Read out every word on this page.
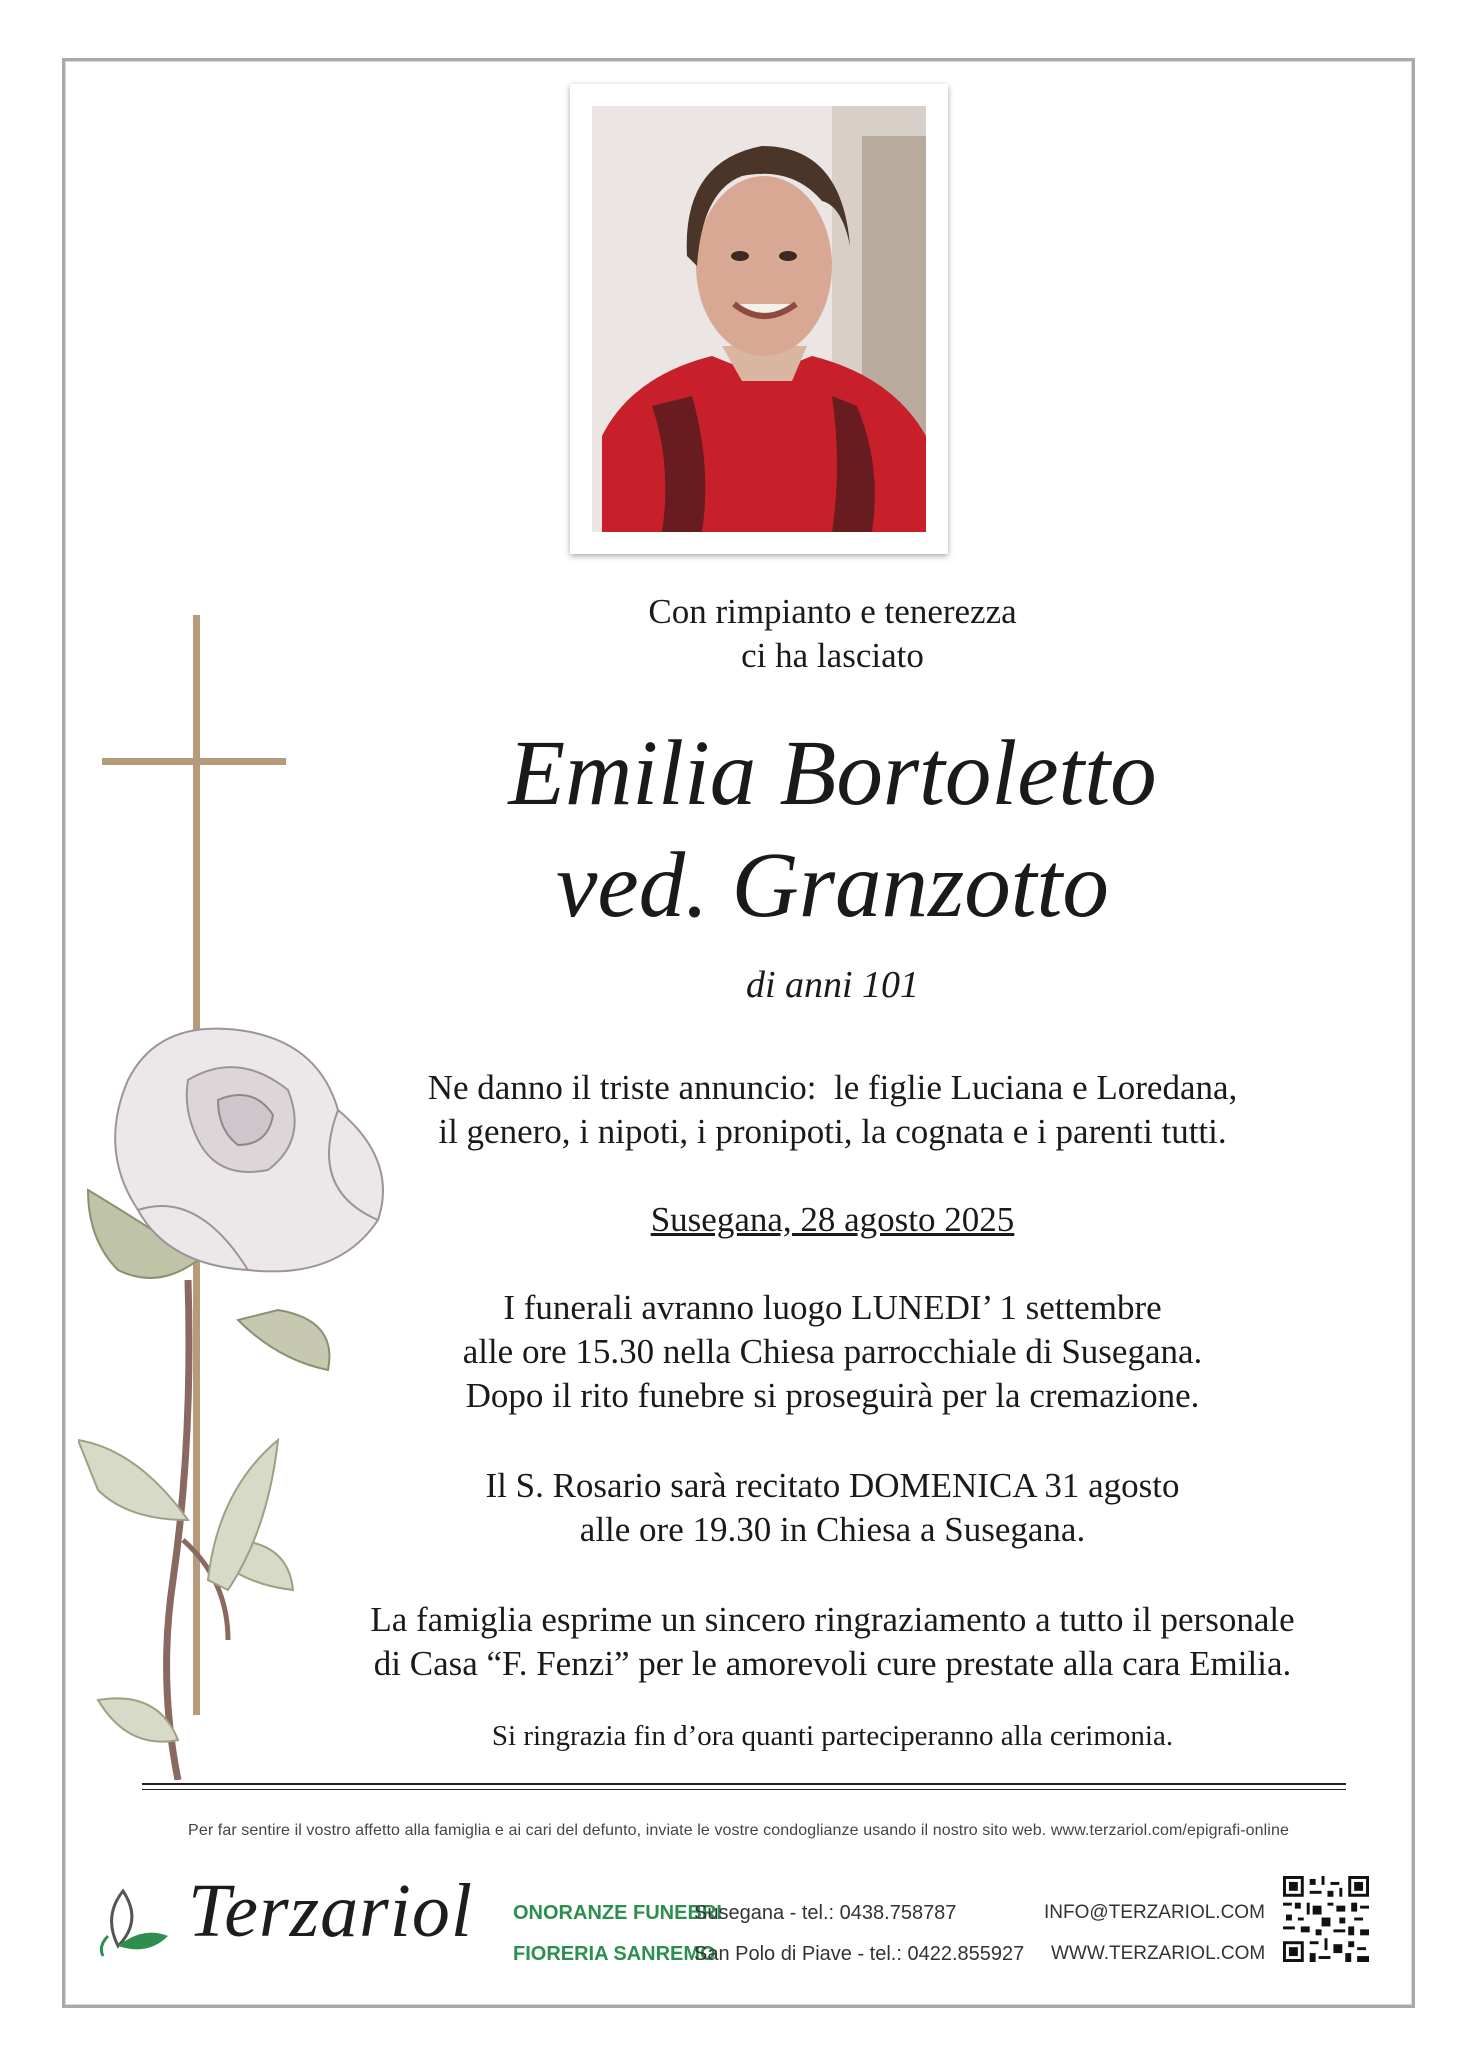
Con rimpianto e tenerezza
ci ha lasciato
Emilia Bortoletto
ved. Granzotto
di anni 101
Ne danno il triste annuncio:  le figlie Luciana e Loredana,
il genero, i nipoti, i pronipoti, la cognata e i parenti tutti.
Susegana, 28 agosto 2025
I funerali avranno luogo LUNEDI’ 1 settembre
alle ore 15.30 nella Chiesa parrocchiale di Susegana.
Dopo il rito funebre si proseguirà per la cremazione.
Il S. Rosario sarà recitato DOMENICA 31 agosto
alle ore 19.30 in Chiesa a Susegana.
La famiglia esprime un sincero ringraziamento a tutto il personale
di Casa “F. Fenzi” per le amorevoli cure prestate alla cara Emilia.
Si ringrazia fin d’ora quanti parteciperanno alla cerimonia.
Per far sentire il vostro affetto alla famiglia e ai cari del defunto, inviate le vostre condoglianze usando il nostro sito web. www.terzariol.com/epigrafi-online
Terzariol ONORANZE FUNEBRI
FIORERIA SANREMO
Susegana - tel.: 0438.758787
San Polo di Piave - tel.: 0422.855927
INFO@TERZARIOL.COM
WWW.TERZARIOL.COM
